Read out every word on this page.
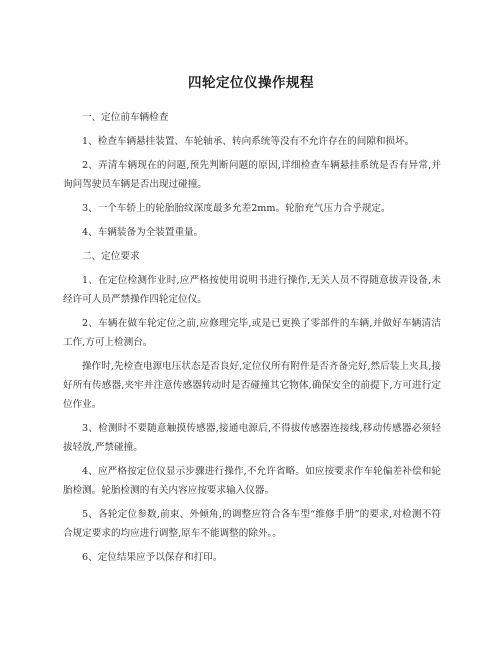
四轮定位仪操作规程

一、定位前车辆检查

1、检查车辆悬挂装置、车轮轴承、转向系统等没有不允许存在的间隙和损坏。

2、弄清车辆现在的问题,预先判断问题的原因,详细检查车辆悬挂系统是否有异常,并询问驾驶员车辆是否出现过碰撞。

3、一个车轿上的轮胎胎纹深度最多允差2mm。轮胎充气压力合乎规定。

4、车辆装备为全装置重量。

二、定位要求

1、在定位检测作业时,应严格按使用说明书进行操作,无关人员不得随意拔弄设备,未经许可人员严禁操作四轮定位仪。

2、车辆在做车轮定位之前,应修理完毕,或是已更换了零部件的车辆,并做好车辆清洁工作,方可上检测台。

操作时,先检查电源电压状态是否良好,定位仪所有附件是否齐备完好,然后装上夹具,接好所有传感器,夹牢并注意传感器转动时是否碰撞其它物体,确保安全的前提下,方可进行定位作业。

3、检测时不要随意触摸传感器,接通电源后,不得拔传感器连接线,移动传感器必须轻拔轻放,严禁碰撞。

4、应严格按定位仪显示步骤进行操作,不允许省略。如应按要求作车轮偏差补偿和轮胎检测。轮胎检测的有关内容应按要求输入仪器。

5、各轮定位参数,前束、外倾角,的调整应符合各车型“维修手册”的要求,对检测不符合规定要求的均应进行调整,原车不能调整的除外。。

6、定位结果应予以保存和打印。
